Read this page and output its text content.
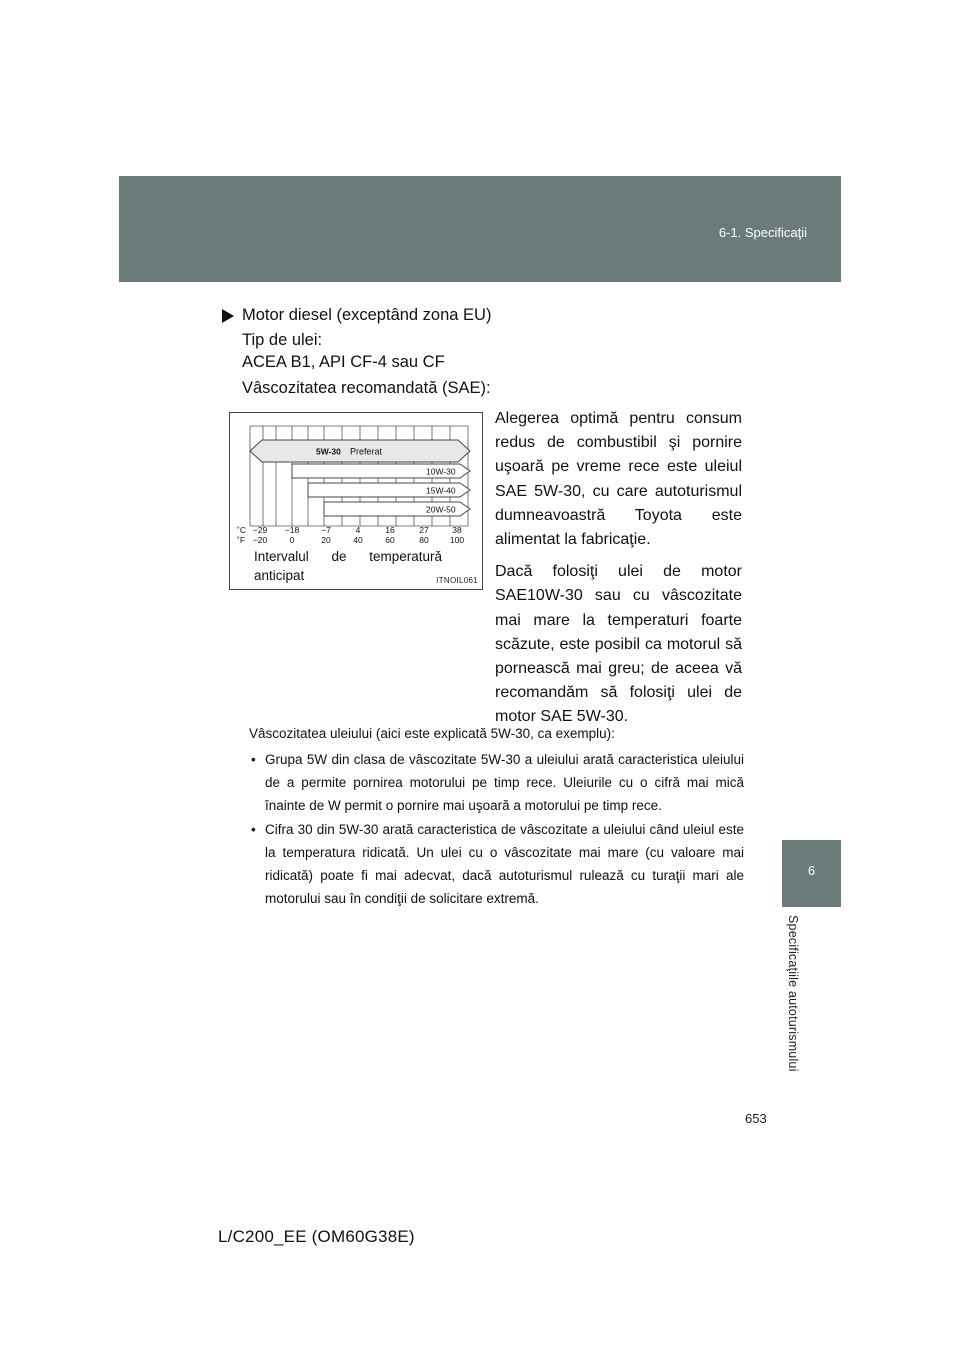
6-1. Specificaţii
6
Specificaţiile autoturismului
Motor diesel (exceptând zona EU)
Tip de ulei:
ACEA B1, API CF-4 sau CF
Vâscozitatea recomandată (SAE):
5W-30 Preferat
10W-30
15W-40
20W-50
˚C
˚F
−29 −18	−7	4	16	27	38
−20	0	20	40	60	80 100
Intervalul de temperatură
anticipat	ITNOIL061

Alegerea optimă pentru consum redus de combustibil şi pornire uşoară pe vreme rece este uleiul SAE 5W-30, cu care autoturismul dumneavoastră Toyota este alimentat la fabricaţie.

Dacă folosiţi ulei de motor SAE10W-30 sau cu vâscozitate mai mare la temperaturi foarte scăzute, este posibil ca motorul să pornească mai greu; de aceea vă recomandăm să folosiţi ulei de motor SAE 5W-30.

Vâscozitatea uleiului (aici este explicată 5W-30, ca exemplu):

• Grupa 5W din clasa de vâscozitate 5W-30 a uleiului arată caracteristica uleiului de a permite pornirea motorului pe timp rece. Uleiurile cu o cifră mai mică înainte de W permit o pornire mai uşoară a motorului pe timp rece.
• Cifra 30 din 5W-30 arată caracteristica de vâscozitate a uleiului când uleiul este la temperatura ridicată. Un ulei cu o vâscozitate mai mare (cu valoare mai ridicată) poate fi mai adecvat, dacă autoturismul rulează cu turaţii mari ale motorului sau în condiţii de solicitare extremă.
653
L/C200_EE (OM60G38E)
